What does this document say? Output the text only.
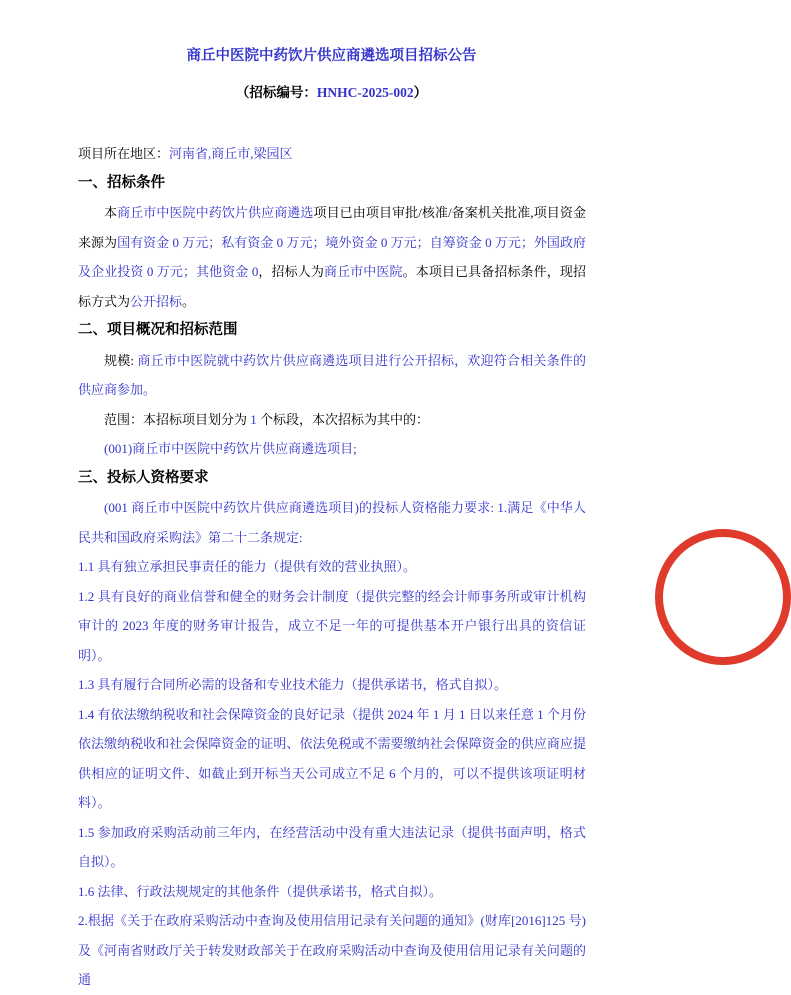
商丘中医院中药饮片供应商遴选项目招标公告

（招标编号：HNHC-2025-002）

项目所在地区：河南省,商丘市,梁园区

一、招标条件

本商丘市中医院中药饮片供应商遴选项目已由项目审批/核准/备案机关批准,项目资金来源为国有资金 0 万元；私有资金 0 万元；境外资金 0 万元；自筹资金 0 万元；外国政府及企业投资 0 万元；其他资金 0，招标人为商丘市中医院。本项目已具备招标条件，现招标方式为公开招标。

二、项目概况和招标范围

规模: 商丘市中医院就中药饮片供应商遴选项目进行公开招标，欢迎符合相关条件的供应商参加。

范围：本招标项目划分为 1 个标段，本次招标为其中的：

(001)商丘市中医院中药饮片供应商遴选项目;

三、投标人资格要求

(001 商丘市中医院中药饮片供应商遴选项目)的投标人资格能力要求: 1.满足《中华人民共和国政府采购法》第二十二条规定:

1.1 具有独立承担民事责任的能力（提供有效的营业执照）。

1.2 具有良好的商业信誉和健全的财务会计制度（提供完整的经会计师事务所或审计机构审计的 2023 年度的财务审计报告，成立不足一年的可提供基本开户银行出具的资信证明）。

1.3 具有履行合同所必需的设备和专业技术能力（提供承诺书，格式自拟）。

1.4 有依法缴纳税收和社会保障资金的良好记录（提供 2024 年 1 月 1 日以来任意 1 个月份依法缴纳税收和社会保障资金的证明、依法免税或不需要缴纳社会保障资金的供应商应提供相应的证明文件、如截止到开标当天公司成立不足 6 个月的，可以不提供该项证明材料）。

1.5 参加政府采购活动前三年内，在经营活动中没有重大违法记录（提供书面声明，格式自拟）。

1.6 法律、行政法规规定的其他条件（提供承诺书，格式自拟）。

2.根据《关于在政府采购活动中查询及使用信用记录有关问题的通知》(财库[2016]125 号)及《河南省财政厅关于转发财政部关于在政府采购活动中查询及使用信用记录有关问题的通
